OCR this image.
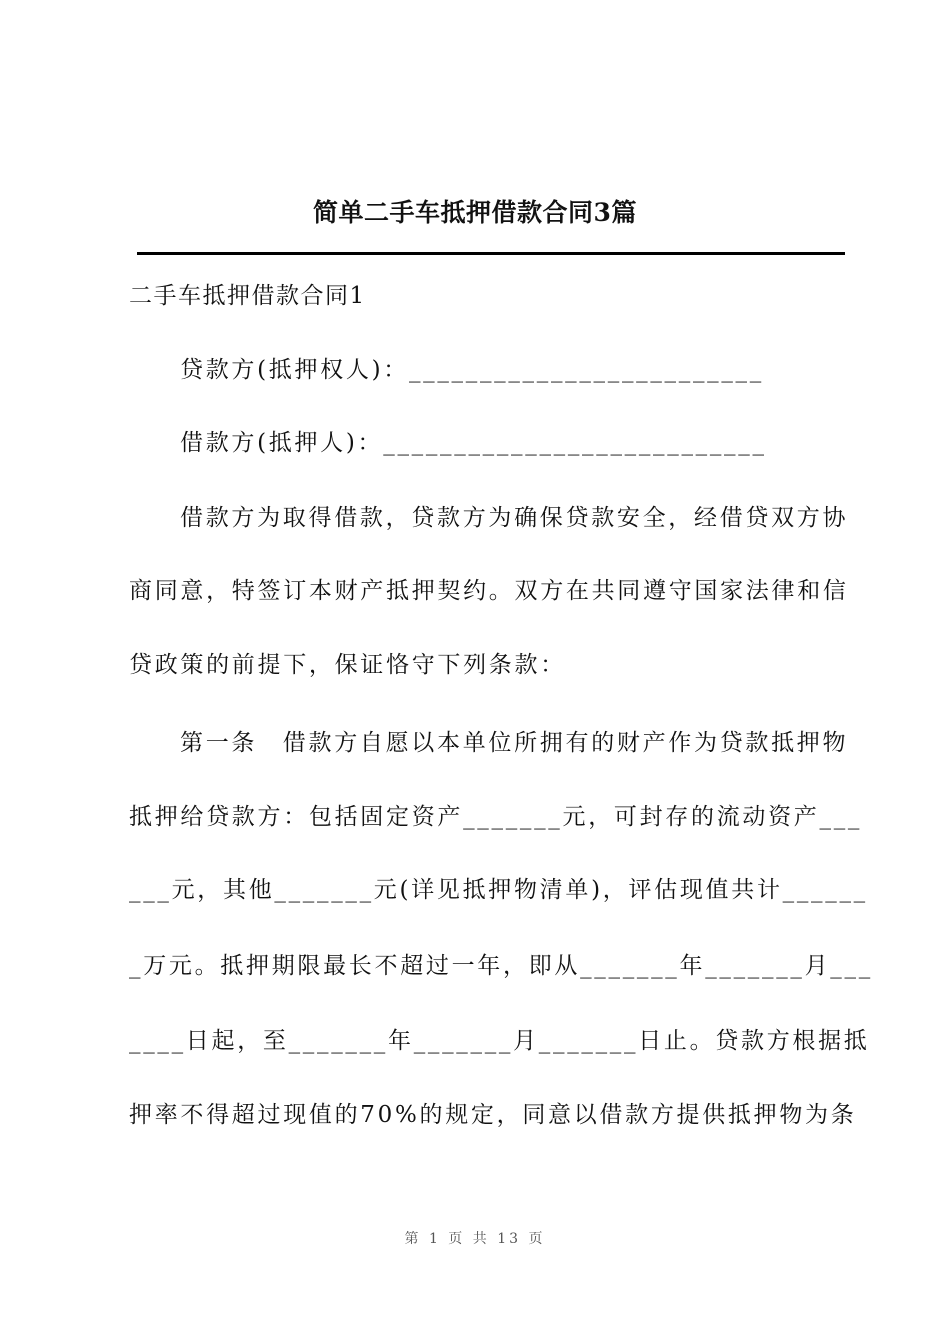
简单二手车抵押借款合同3篇
二手车抵押借款合同1
贷款方(抵押权人)：_________________________
借款方(抵押人)：___________________________
借款方为取得借款，贷款方为确保贷款安全，经借贷双方协
商同意，特签订本财产抵押契约。双方在共同遵守国家法律和信
贷政策的前提下，保证恪守下列条款：
第一条　借款方自愿以本单位所拥有的财产作为贷款抵押物
抵押给贷款方：包括固定资产_______元，可封存的流动资产___
___元，其他_______元(详见抵押物清单)，评估现值共计______
_万元。抵押期限最长不超过一年，即从_______年_______月___
____日起，至_______年_______月_______日止。贷款方根据抵
押率不得超过现值的70%的规定，同意以借款方提供抵押物为条
第 1 页 共 13 页
